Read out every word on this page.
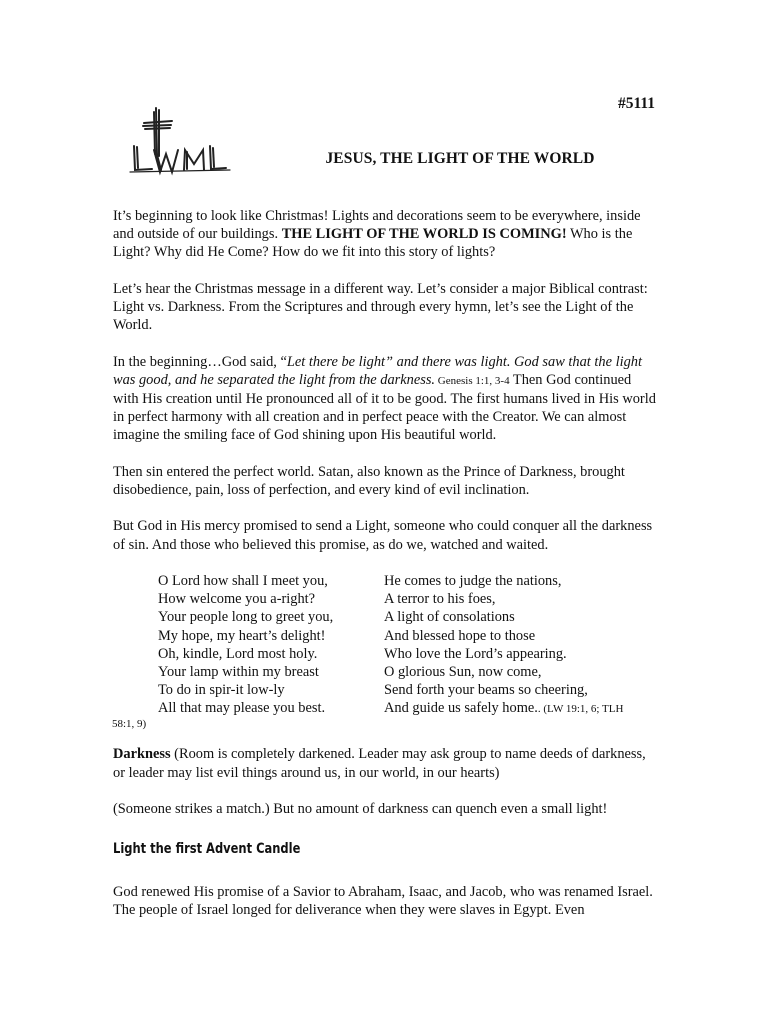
LWML	#5111
JESUS, THE LIGHT OF THE WORLD

It’s beginning to look like Christmas! Lights and decorations seem to be everywhere, inside and outside of our buildings. THE LIGHT OF THE WORLD IS COMING! Who is the Light? Why did He Come? How do we fit into this story of lights?

Let’s hear the Christmas message in a different way. Let’s consider a major Biblical contrast: Light vs. Darkness. From the Scriptures and through every hymn, let’s see the Light of the World.

In the beginning…God said, “Let there be light” and there was light. God saw that the light was good, and he separated the light from the darkness. Genesis 1:1, 3-4 Then God continued with His creation until He pronounced all of it to be good. The first humans lived in His world in perfect harmony with all creation and in perfect peace with the Creator. We can almost imagine the smiling face of God shining upon His beautiful world.

Then sin entered the perfect world. Satan, also known as the Prince of Darkness, brought disobedience, pain, loss of perfection, and every kind of evil inclination.

But God in His mercy promised to send a Light, someone who could conquer all the darkness of sin. And those who believed this promise, as do we, watched and waited.

O Lord how shall I meet you,
How welcome you a-right?
Your people long to greet you,
My hope, my heart’s delight!
Oh, kindle, Lord most holy.
Your lamp within my breast
To do in spir-it low-ly
All that may please you best.
He comes to judge the nations,
A terror to his foes,
A light of consolations
And blessed hope to those
Who love the Lord’s appearing.
O glorious Sun, now come,
Send forth your beams so cheering,
And guide us safely home.. (LW 19:1, 6; TLH
58:1, 9)

Darkness (Room is completely darkened. Leader may ask group to name deeds of darkness, or leader may list evil things around us, in our world, in our hearts)

(Someone strikes a match.) But no amount of darkness can quench even a small light!

Light the first Advent Candle

God renewed His promise of a Savior to Abraham, Isaac, and Jacob, who was renamed Israel. The people of Israel longed for deliverance when they were slaves in Egypt. Even
